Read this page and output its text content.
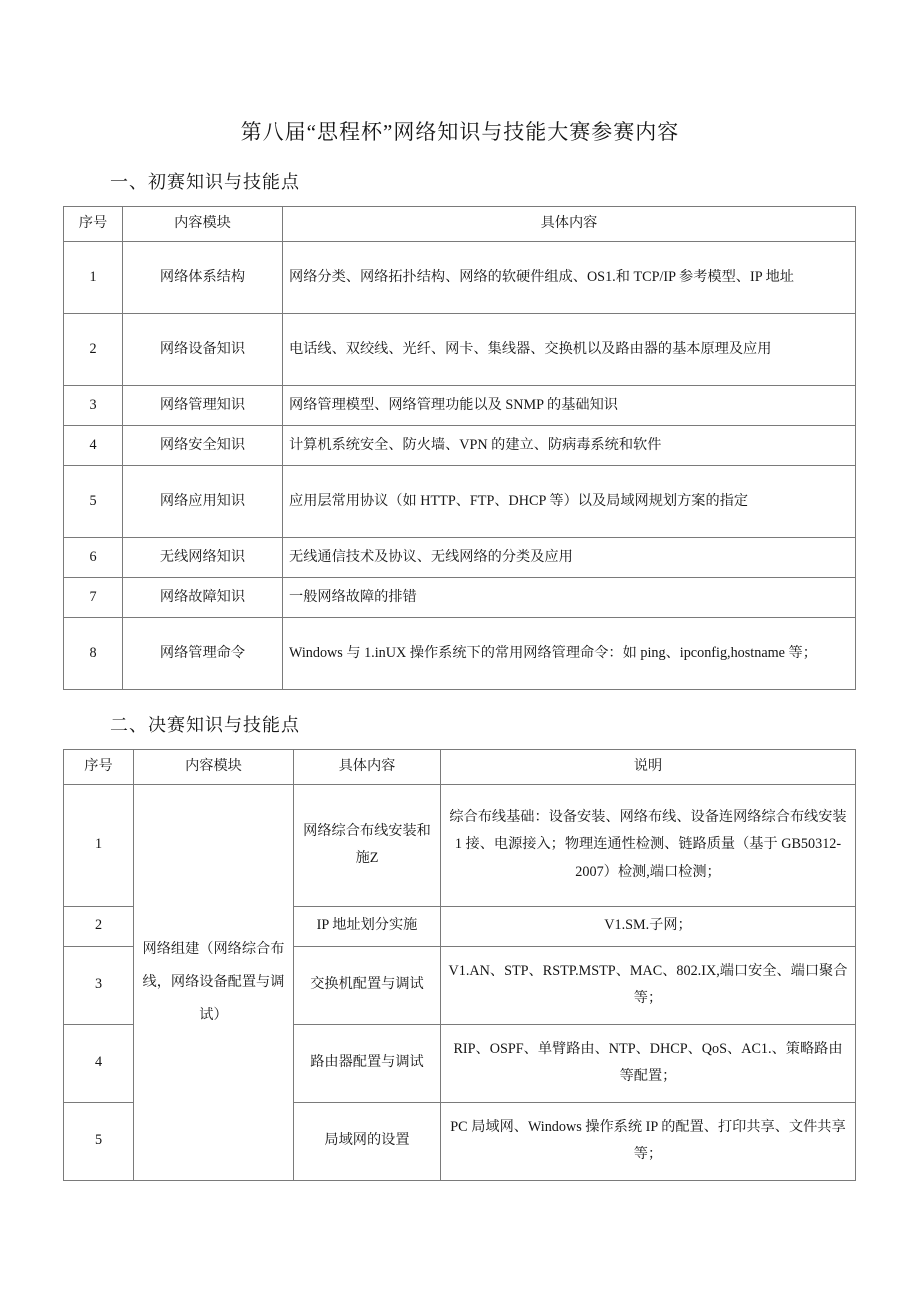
第八届“思程杯”网络知识与技能大赛参赛内容
一、初赛知识与技能点
序号	内容模块	具体内容
1	网络体系结构	网络分类、网络拓扑结构、网络的软硬件组成、OS1.和 TCP/IP 参考模型、IP 地址
2	网络设备知识	电话线、双绞线、光纤、网卡、集线器、交换机以及路由器的基本原理及应用
3	网络管理知识	网络管理模型、网络管理功能以及 SNMP 的基础知识
4	网络安全知识	计算机系统安全、防火墙、VPN 的建立、防病毒系统和软件
5	网络应用知识	应用层常用协议（如 HTTP、FTP、DHCP 等）以及局域网规划方案的指定
6	无线网络知识	无线通信技术及协议、无线网络的分类及应用
7	网络故障知识	一般网络故障的排错
8	网络管理命令	Windows 与 1.inUX 操作系统下的常用网络管理命令：如 ping、ipconfig,hostname 等；
二、决赛知识与技能点
序号	内容模块	具体内容	说明
1	网络组建（网络综合布线，网络设备配置与调试）	网络综合布线安装和施Z	综合布线基础：设备安装、网络布线、设备连网络综合布线安装 1 接、电源接入；物理连通性检测、链路质量（基于 GB50312-2007）检测,端口检测；
2		IP 地址划分实施	V1.SM.子网；
3		交换机配置与调试	V1.AN、STP、RSTP.MSTP、MAC、802.IX,端口安全、端口聚合等；
4		路由器配置与调试	RIP、OSPF、单臂路由、NTP、DHCP、QoS、AC1.、策略路由等配置；
5		局域网的设置	PC 局域网、Windows 操作系统 IP 的配置、打印共享、文件共享等；
